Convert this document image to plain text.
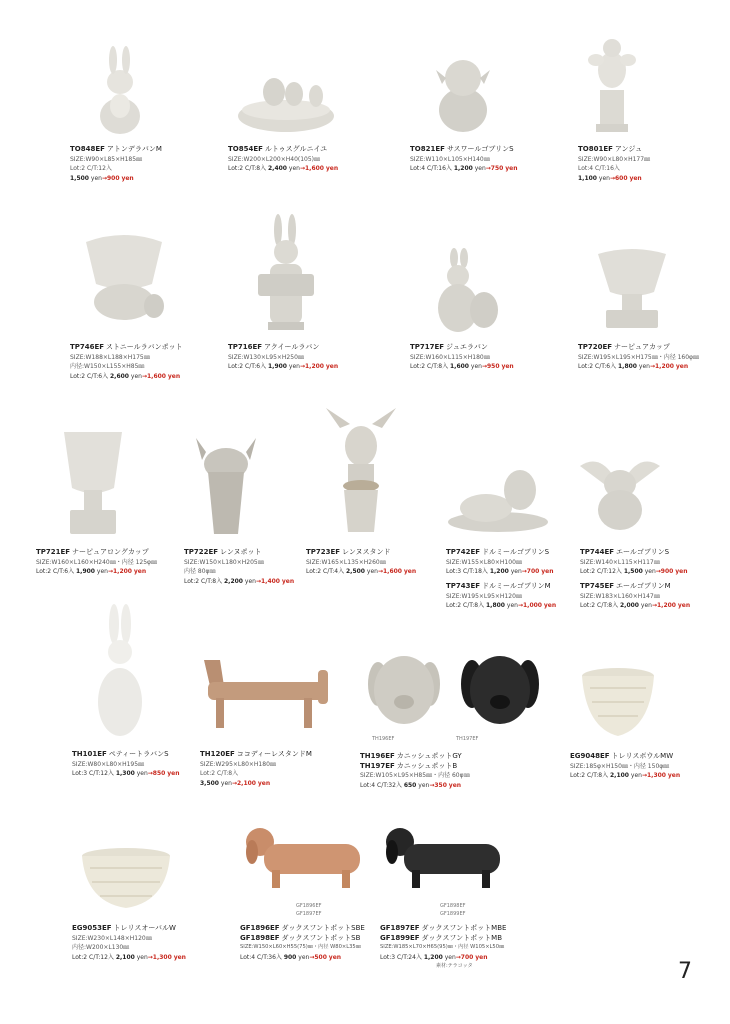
TO848EF アトンデラバンM
SIZE:W90×L85×H185㎜
Lot:2 C/T:12入
1,500 yen→900 yen
TO854EF ルトゥスグルニイユ
SIZE:W200×L200×H40(105)㎜
Lot:2 C/T:8入 2,400 yen→1,600 yen
TO821EF サスワールゴブリンS
SIZE:W110×L105×H140㎜
Lot:4 C/T:16入 1,200 yen→750 yen
TO801EF アンジュ
SIZE:W90×L80×H177㎜
Lot:4 C/T:16入
1,100 yen→600 yen
TP746EF ストニールラバンポット
SIZE:W188×L188×H175㎜
内径:W150×L155×H85㎜
Lot:2 C/T:6入 2,600 yen→1,600 yen
TP716EF アクイールラバン
SIZE:W130×L95×H250㎜
Lot:2 C/T:6入 1,900 yen→1,200 yen
TP717EF ジュエラバン
SIZE:W160×L115×H180㎜
Lot:2 C/T:8入 1,600 yen→950 yen
TP720EF ナーピュアカップ
SIZE:W195×L195×H175㎜・内径 160φ㎜
Lot:2 C/T:6入 1,800 yen→1,200 yen
TP721EF ナーピュアロングカップ
SIZE:W160×L160×H240㎜・内径 125φ㎜
Lot:2 C/T:6入 1,900 yen→1,200 yen
TP722EF レンヌポット
SIZE:W150×L180×H205㎜
内径 80φ㎜
Lot:2 C/T:8入 2,200 yen→1,400 yen
TP723EF レンヌスタンド
SIZE:W165×L135×H260㎜
Lot:2 C/T:4入 2,500 yen→1,600 yen
TP742EF ドルミールゴブリンS
SIZE:W155×L80×H100㎜
Lot:3 C/T:18入 1,200 yen→700 yen
TP743EF ドルミールゴブリンM
SIZE:W195×L95×H120㎜
Lot:2 C/T:8入 1,800 yen→1,000 yen
TP744EF エールゴブリンS
SIZE:W140×L115×H117㎜
Lot:2 C/T:12入 1,500 yen→900 yen
TP745EF エールゴブリンM
SIZE:W183×L160×H147㎜
Lot:2 C/T:8入 2,000 yen→1,200 yen
TH101EF ペティートラバンS
SIZE:W80×L80×H195㎜
Lot:3 C/T:12入 1,300 yen→850 yen
TH120EF ココディーレスタンドM
SIZE:W295×L80×H180㎜
Lot:2 C/T:8入
3,500 yen→2,100 yen
TH196EF	TH197EF
TH196EF カニッシュポットGY
TH197EF カニッシュポットB
SIZE:W105×L95×H85㎜・内径 60φ㎜
Lot:4 C/T:32入 650 yen→350 yen
EG9048EF トレリスボウルMW
SIZE:185φ×H150㎜・内径 150φ㎜
Lot:2 C/T:8入 2,100 yen→1,300 yen
EG9053EF トレリスオーバルW
SIZE:W230×L148×H120㎜
内径:W200×L130㎜
Lot:2 C/T:12入 2,100 yen→1,300 yen
GF1896EF
GF1897EF
GF1898EF
GF1899EF
GF1896EF ダックスフントポットSBE
GF1898EF ダックスフントポットSB
SIZE:W150×L60×H55(75)㎜・内径 W80×L35㎜
Lot:4 C/T:36入 900 yen→500 yen
GF1897EF ダックスフントポットMBE
GF1899EF ダックスフントポットMB
SIZE:W185×L70×H65(95)㎜・内径 W105×L50㎜
Lot:3 C/T:24入 1,200 yen→700 yen
素材:テラコッタ	7
